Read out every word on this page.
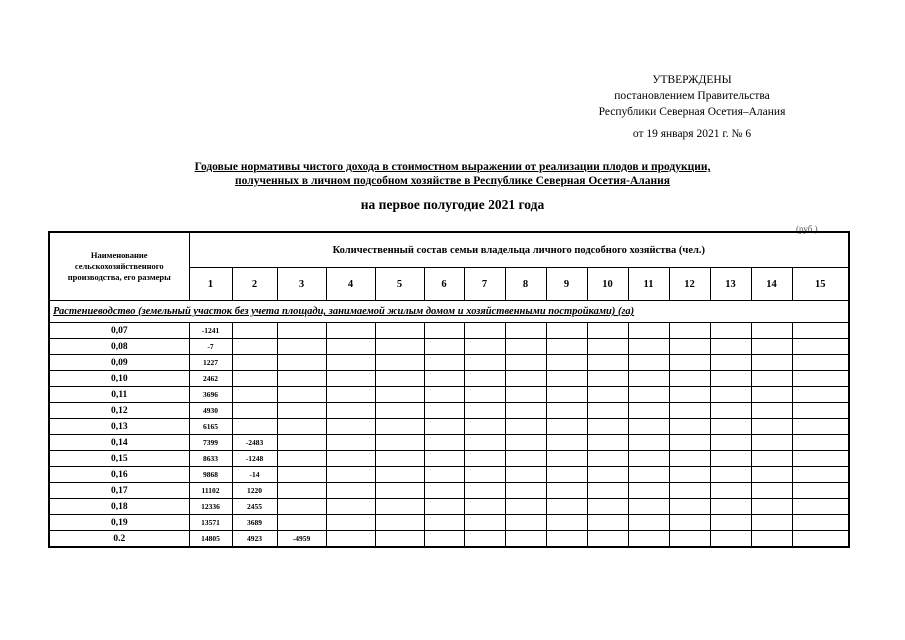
УТВЕРЖДЕНЫ
постановлением Правительства
Республики Северная Осетия–Алания
от 19 января 2021 г. № 6
Годовые нормативы чистого дохода в стоимостном выражении от реализации плодов и продукции,
полученных в личном подсобном хозяйстве в Республике Северная Осетия-Алания
на первое полугодие 2021 года
(руб.)
Наименование сельскохозяйственного производства, его размеры	Количественный состав семьи владельца личного подсобного хозяйства (чел.)														
	1	2	3	4	5	6	7	8	9	10	11	12	13	14	15
Растениеводство (земельный участок без учета площади, занимаемой жилым домом и хозяйственными постройками) (га)															
0,07	-1241														
0,08	-7														
0,09	1227														
0,10	2462														
0,11	3696														
0,12	4930														
0,13	6165														
0,14	7399	-2483													
0,15	8633	-1248													
0,16	9868	-14													
0,17	11102	1220													
0,18	12336	2455													
0,19	13571	3689													
0.2	14805	4923	-4959												
